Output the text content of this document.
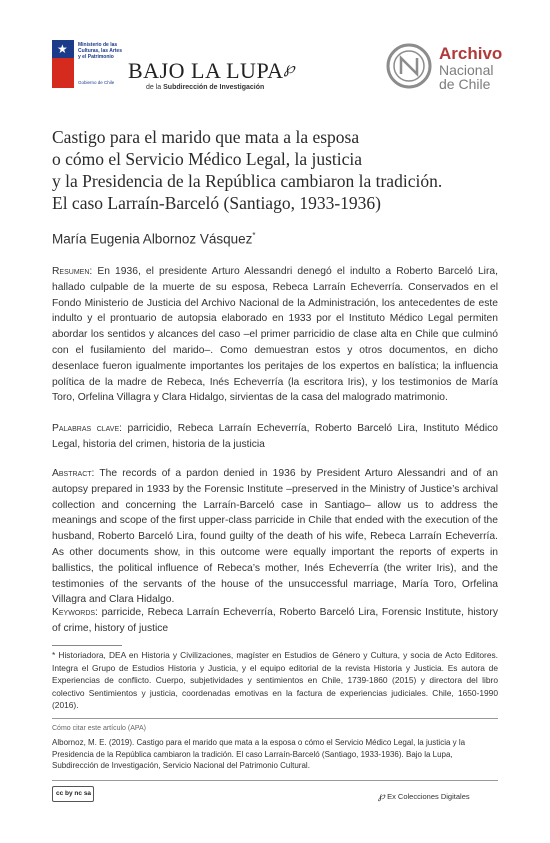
★ Ministerio de las Culturas, las Artes y el Patrimonio
Gobierno de Chile BAJO LA LUPA℘
de la Subdirección de Investigación
Archivo
Nacional
de Chile
Castigo para el marido que mata a la esposa
o cómo el Servicio Médico Legal, la justicia
y la Presidencia de la República cambiaron la tradición.
El caso Larraín-Barceló (Santiago, 1933-1936)
María Eugenia Albornoz Vásquez*
Resumen: En 1936, el presidente Arturo Alessandri denegó el indulto a Roberto Barceló Lira, hallado culpable de la muerte de su esposa, Rebeca Larraín Echeverría. Conservados en el Fondo Ministerio de Justicia del Archivo Nacional de la Administración, los antecedentes de este indulto y el prontuario de autopsia elaborado en 1933 por el Instituto Médico Legal permiten abordar los sentidos y alcances del caso –el primer parricidio de clase alta en Chile que culminó con el fusilamiento del marido–. Como demuestran estos y otros documentos, en dicho desenlace fueron igualmente importantes los peritajes de los expertos en balística; la influencia política de la madre de Rebeca, Inés Echeverría (la escritora Iris), y los testimonios de María Toro, Orfelina Villagra y Clara Hidalgo, sirvientas de la casa del malogrado matrimonio.
Palabras clave: parricidio, Rebeca Larraín Echeverría, Roberto Barceló Lira, Instituto Médico Legal, historia del crimen, historia de la justicia
Abstract: The records of a pardon denied in 1936 by President Arturo Alessandri and of an autopsy prepared in 1933 by the Forensic Institute –preserved in the Ministry of Justice’s archival collection and concerning the Larraín-Barceló case in Santiago– allow us to address the meanings and scope of the first upper-class parricide in Chile that ended with the execution of the husband, Roberto Barceló Lira, found guilty of the death of his wife, Rebeca Larraín Echeverría. As other documents show, in this outcome were equally important the reports of experts in ballistics, the political influence of Rebeca’s mother, Inés Echeverría (the writer Iris), and the testimonies of the servants of the house of the unsuccessful marriage, María Toro, Orfelina Villagra and Clara Hidalgo.
Keywords: parricide, Rebeca Larraín Echeverría, Roberto Barceló Lira, Forensic Institute, history of crime, history of justice
* Historiadora, DEA en Historia y Civilizaciones, magíster en Estudios de Género y Cultura, y socia de Acto Editores. Integra el Grupo de Estudios Historia y Justicia, y el equipo editorial de la revista Historia y Justicia. Es autora de Experiencias de conflicto. Cuerpo, subjetividades y sentimientos en Chile, 1739-1860 (2015) y directora del libro colectivo Sentimientos y justicia, coordenadas emotivas en la factura de experiencias judiciales. Chile, 1650-1990 (2016).
Cómo citar este artículo (APA)
Albornoz, M. E. (2019). Castigo para el marido que mata a la esposa o cómo el Servicio Médico Legal, la justicia y la Presidencia de la República cambiaron la tradición. El caso Larraín-Barceló (Santiago, 1933-1936). Bajo la Lupa, Subdirección de Investigación, Servicio Nacional del Patrimonio Cultural.
cc by nc sa	℘ Ex Colecciones Digitales
